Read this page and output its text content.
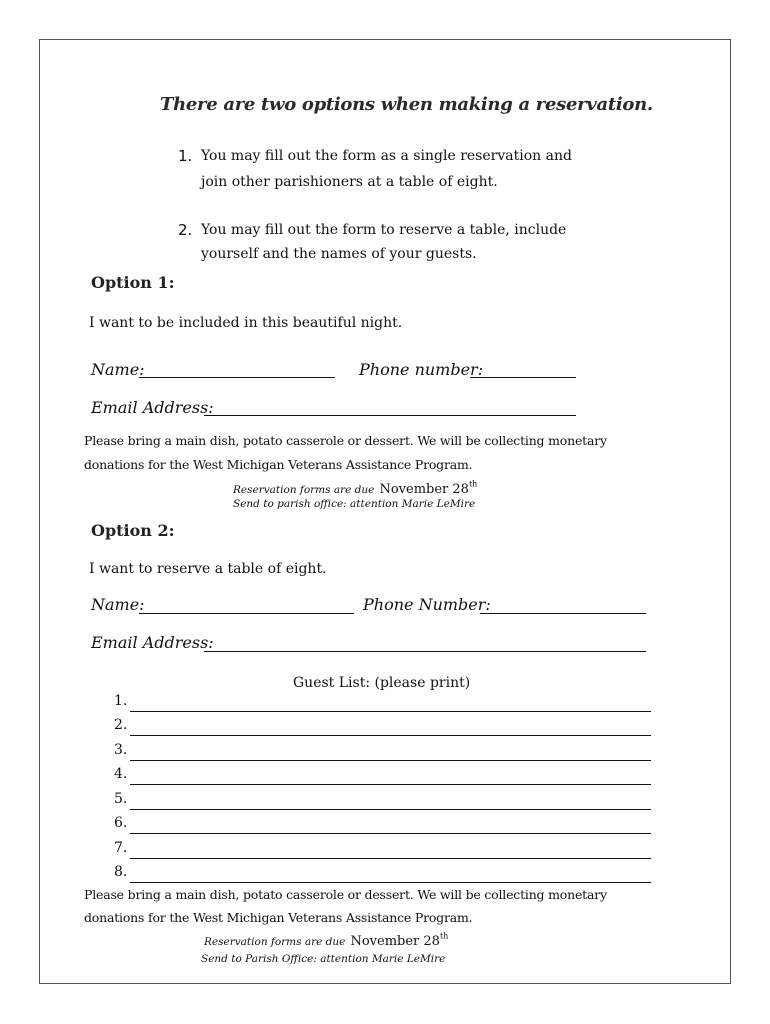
There are two options when making a reservation.
1. You may fill out the form as a single reservation and
join other parishioners at a table of eight.
2. You may fill out the form to reserve a table, include
yourself and the names of your guests.
Option 1:
I want to be included in this beautiful night.
Name:	Phone number:
Email Address:
Please bring a main dish, potato casserole or dessert. We will be collecting monetary
donations for the West Michigan Veterans Assistance Program.
Reservation forms are due November 28th
Send to parish office: attention Marie LeMire
Option 2:
I want to reserve a table of eight.
Name:	Phone Number:
Email Address:
Guest List: (please print)
1.
2.
3.
4.
5.
6.
7.
8.
Please bring a main dish, potato casserole or dessert. We will be collecting monetary
donations for the West Michigan Veterans Assistance Program.
Reservation forms are due November 28th
Send to Parish Office: attention Marie LeMire
